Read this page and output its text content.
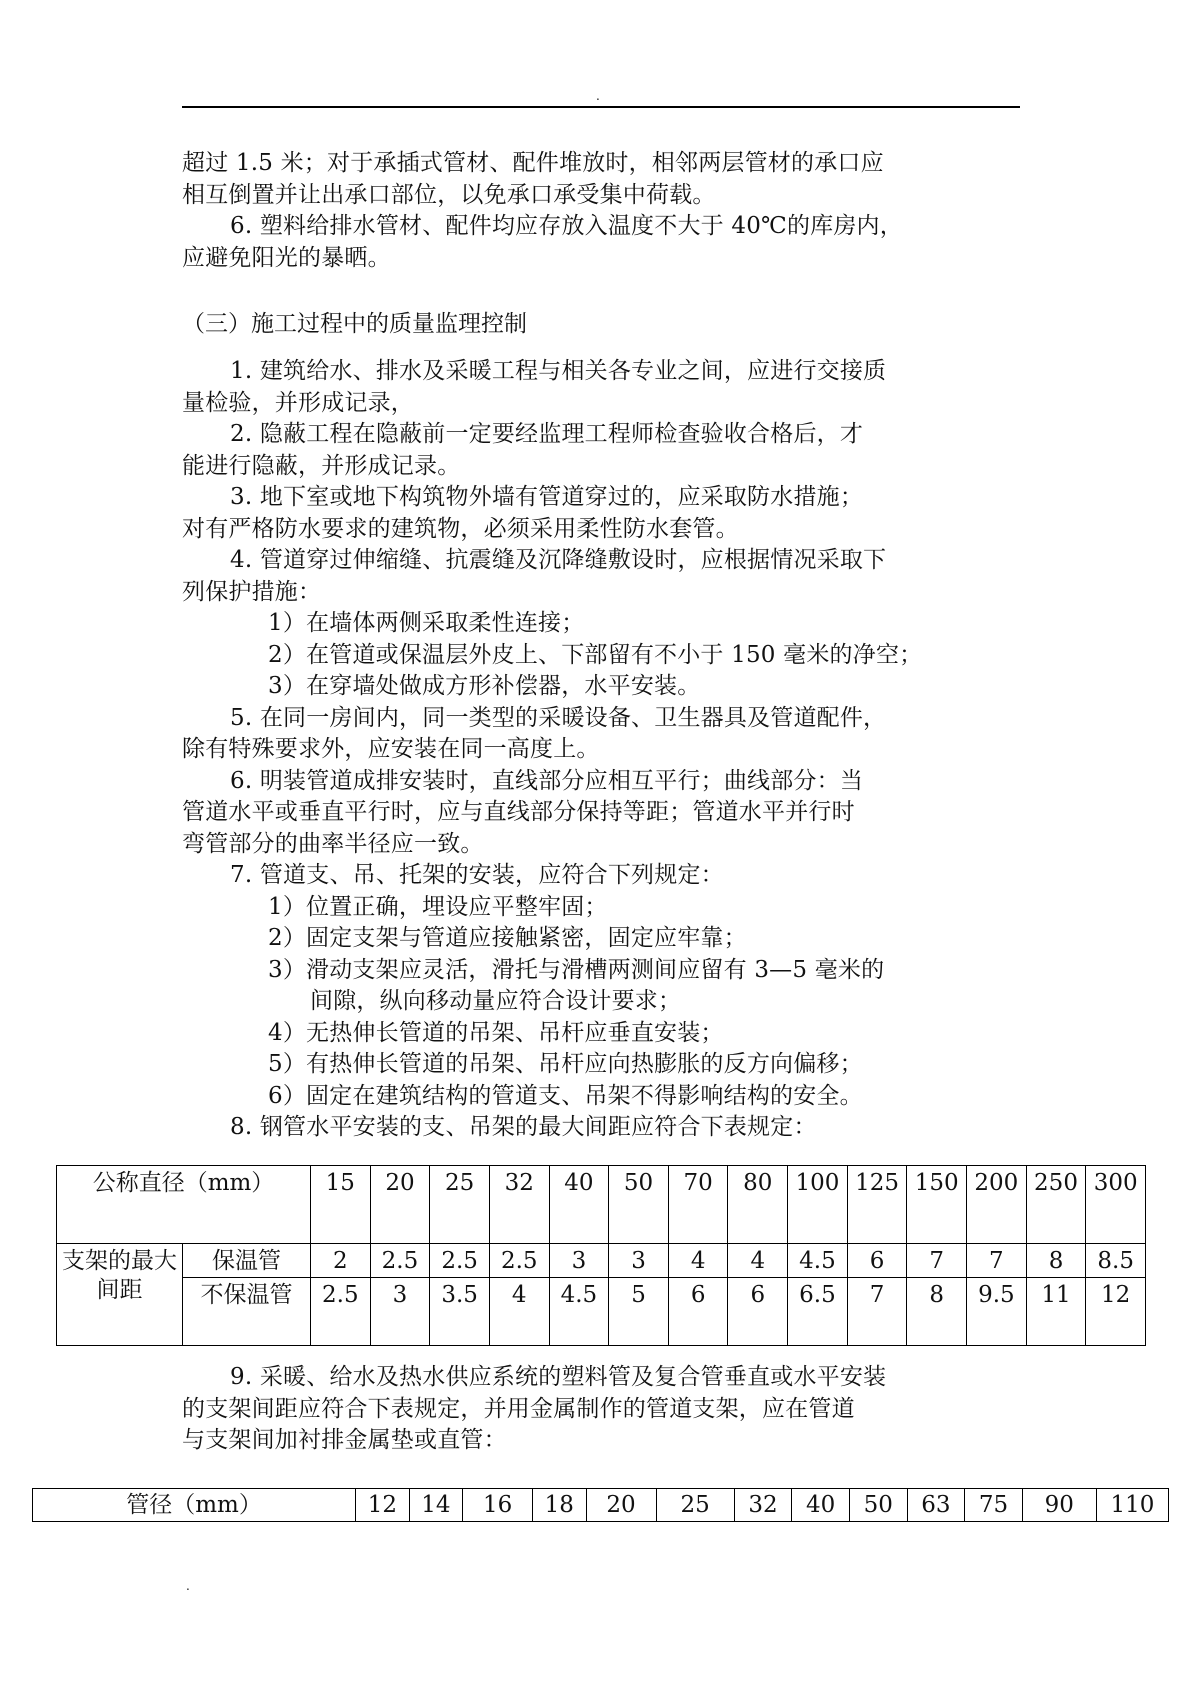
.
超过 1.5 米；对于承插式管材、配件堆放时，相邻两层管材的承口应
相互倒置并让出承口部位，以免承口承受集中荷载。
6. 塑料给排水管材、配件均应存放入温度不大于 40℃的库房内，
应避免阳光的暴晒。
（三）施工过程中的质量监理控制
1. 建筑给水、排水及采暖工程与相关各专业之间，应进行交接质
量检验，并形成记录，
2. 隐蔽工程在隐蔽前一定要经监理工程师检查验收合格后，才
能进行隐蔽，并形成记录。
3. 地下室或地下构筑物外墙有管道穿过的，应采取防水措施；
对有严格防水要求的建筑物，必须采用柔性防水套管。
4. 管道穿过伸缩缝、抗震缝及沉降缝敷设时，应根据情况采取下
列保护措施：
1）在墙体两侧采取柔性连接；
2）在管道或保温层外皮上、下部留有不小于 150 毫米的净空；
3）在穿墙处做成方形补偿器，水平安装。
5. 在同一房间内，同一类型的采暖设备、卫生器具及管道配件，
除有特殊要求外，应安装在同一高度上。
6. 明装管道成排安装时，直线部分应相互平行；曲线部分：当
管道水平或垂直平行时，应与直线部分保持等距；管道水平并行时
弯管部分的曲率半径应一致。
7. 管道支、吊、托架的安装，应符合下列规定：
1）位置正确，埋设应平整牢固；
2）固定支架与管道应接触紧密，固定应牢靠；
3）滑动支架应灵活，滑托与滑槽两测间应留有 3—5 毫米的
间隙，纵向移动量应符合设计要求；
4）无热伸长管道的吊架、吊杆应垂直安装；
5）有热伸长管道的吊架、吊杆应向热膨胀的反方向偏移；
6）固定在建筑结构的管道支、吊架不得影响结构的安全。
8. 钢管水平安装的支、吊架的最大间距应符合下表规定：
公称直径（mm）		15	20	25	32	40	50	70	80	100	125	150	200	250	300
支架的最大间距	保温管	2	2.5	2.5	2.5	3	3	4	4	4.5	6	7	7	8	8.5
	不保温管	2.5	3	3.5	4	4.5	5	6	6	6.5	7	8	9.5	11	12
9. 采暖、给水及热水供应系统的塑料管及复合管垂直或水平安装
的支架间距应符合下表规定，并用金属制作的管道支架，应在管道
与支架间加衬排金属垫或直管：
管径（mm）	12	14	16	18	20	25	32	40	50	63	75	90	110
.
